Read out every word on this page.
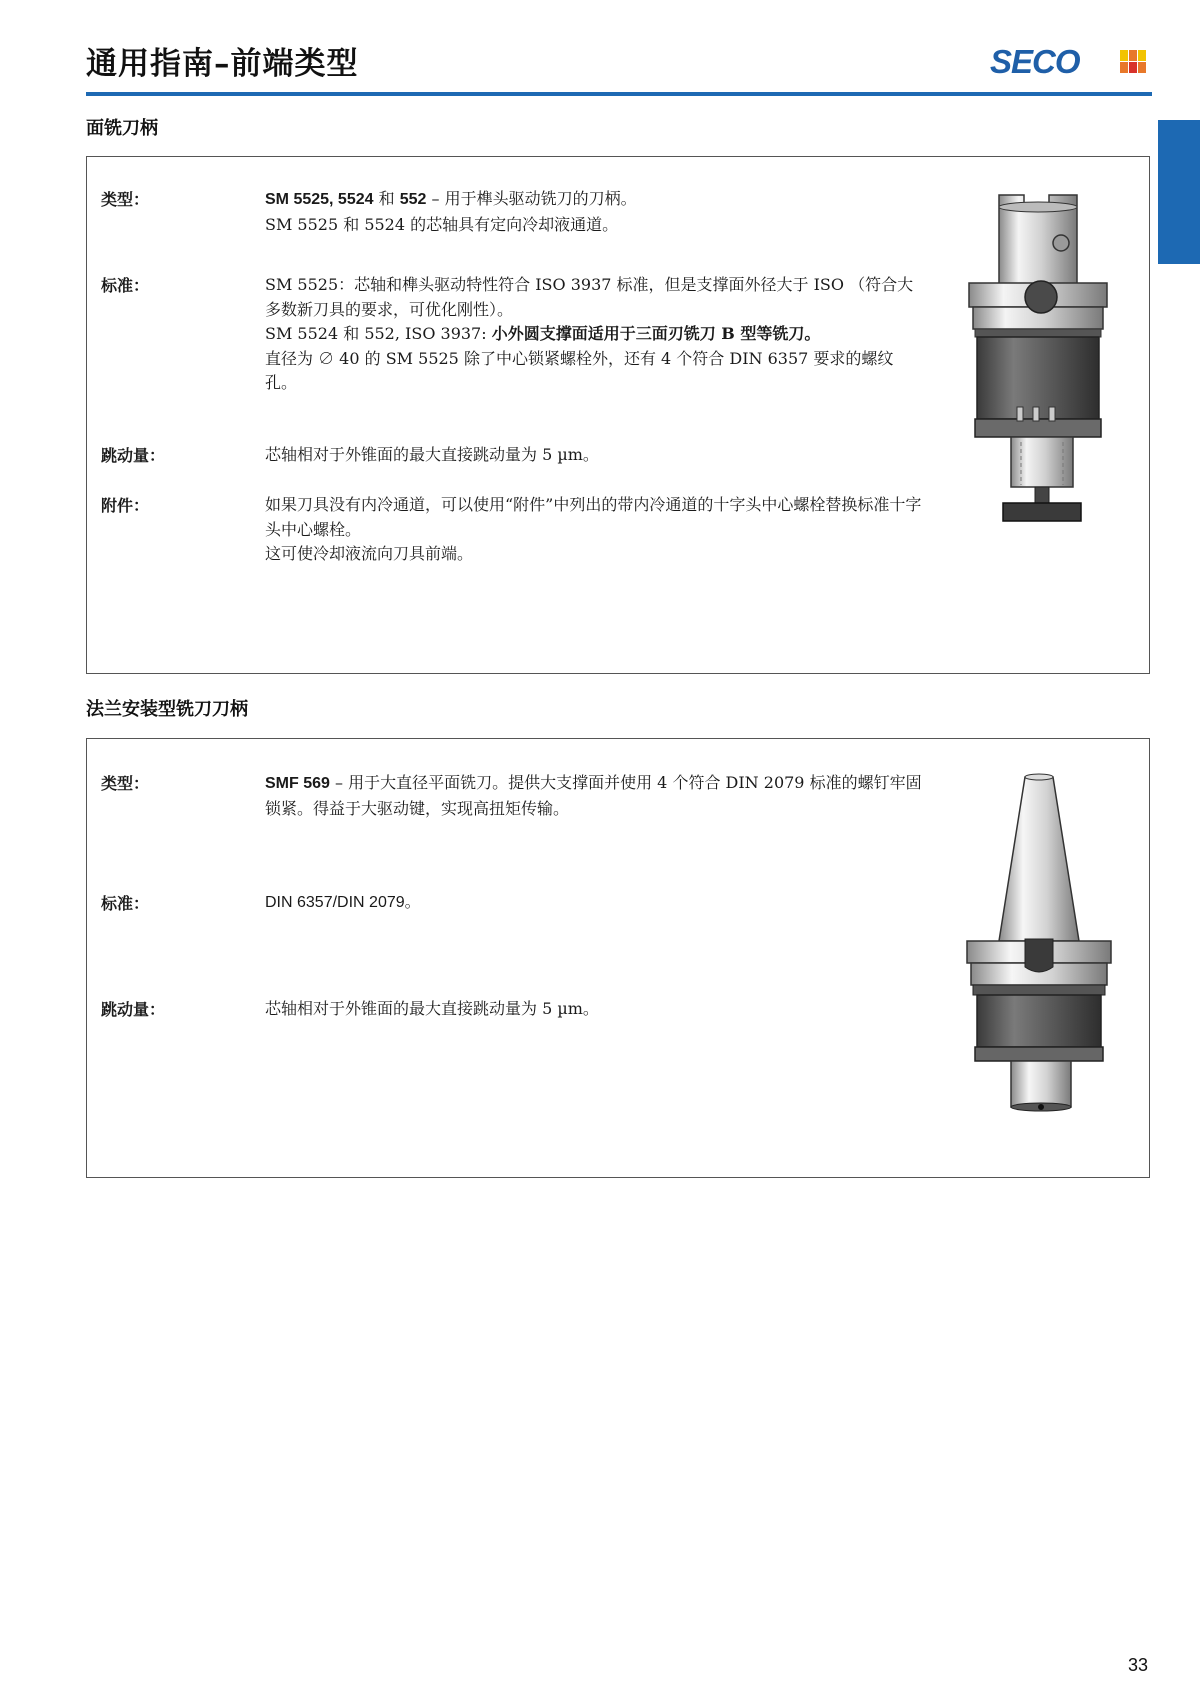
通用指南–前端类型	SECO
面铣刀柄
类型：	SM 5525, 5524 和 552 – 用于榫头驱动铣刀的刀柄。

SM 5525 和 5524 的芯轴具有定向冷却液通道。

标准：	SM 5525：芯轴和榫头驱动特性符合 ISO 3937 标准，但是支撑面外径大于 ISO （符合大多数新刀具的要求，可优化刚性）。

SM 5524 和 552, ISO 3937: 小外圆支撑面适用于三面刃铣刀 B 型等铣刀。

直径为 ∅ 40 的 SM 5525 除了中心锁紧螺栓外，还有 4 个符合 DIN 6357 要求的螺纹孔。

跳动量：	芯轴相对于外锥面的最大直接跳动量为 5 µm。
附件：	如果刀具没有内冷通道，可以使用“附件”中列出的带内冷通道的十字头中心螺栓替换标准十字头中心螺栓。

这可使冷却液流向刀具前端。

法兰安装型铣刀刀柄
类型：	SMF 569 – 用于大直径平面铣刀。提供大支撑面并使用 4 个符合 DIN 2079 标准的螺钉牢固锁紧。得益于大驱动键，实现高扭矩传输。

标准：	DIN 6357/DIN 2079。
跳动量：	芯轴相对于外锥面的最大直接跳动量为 5 µm。
33
